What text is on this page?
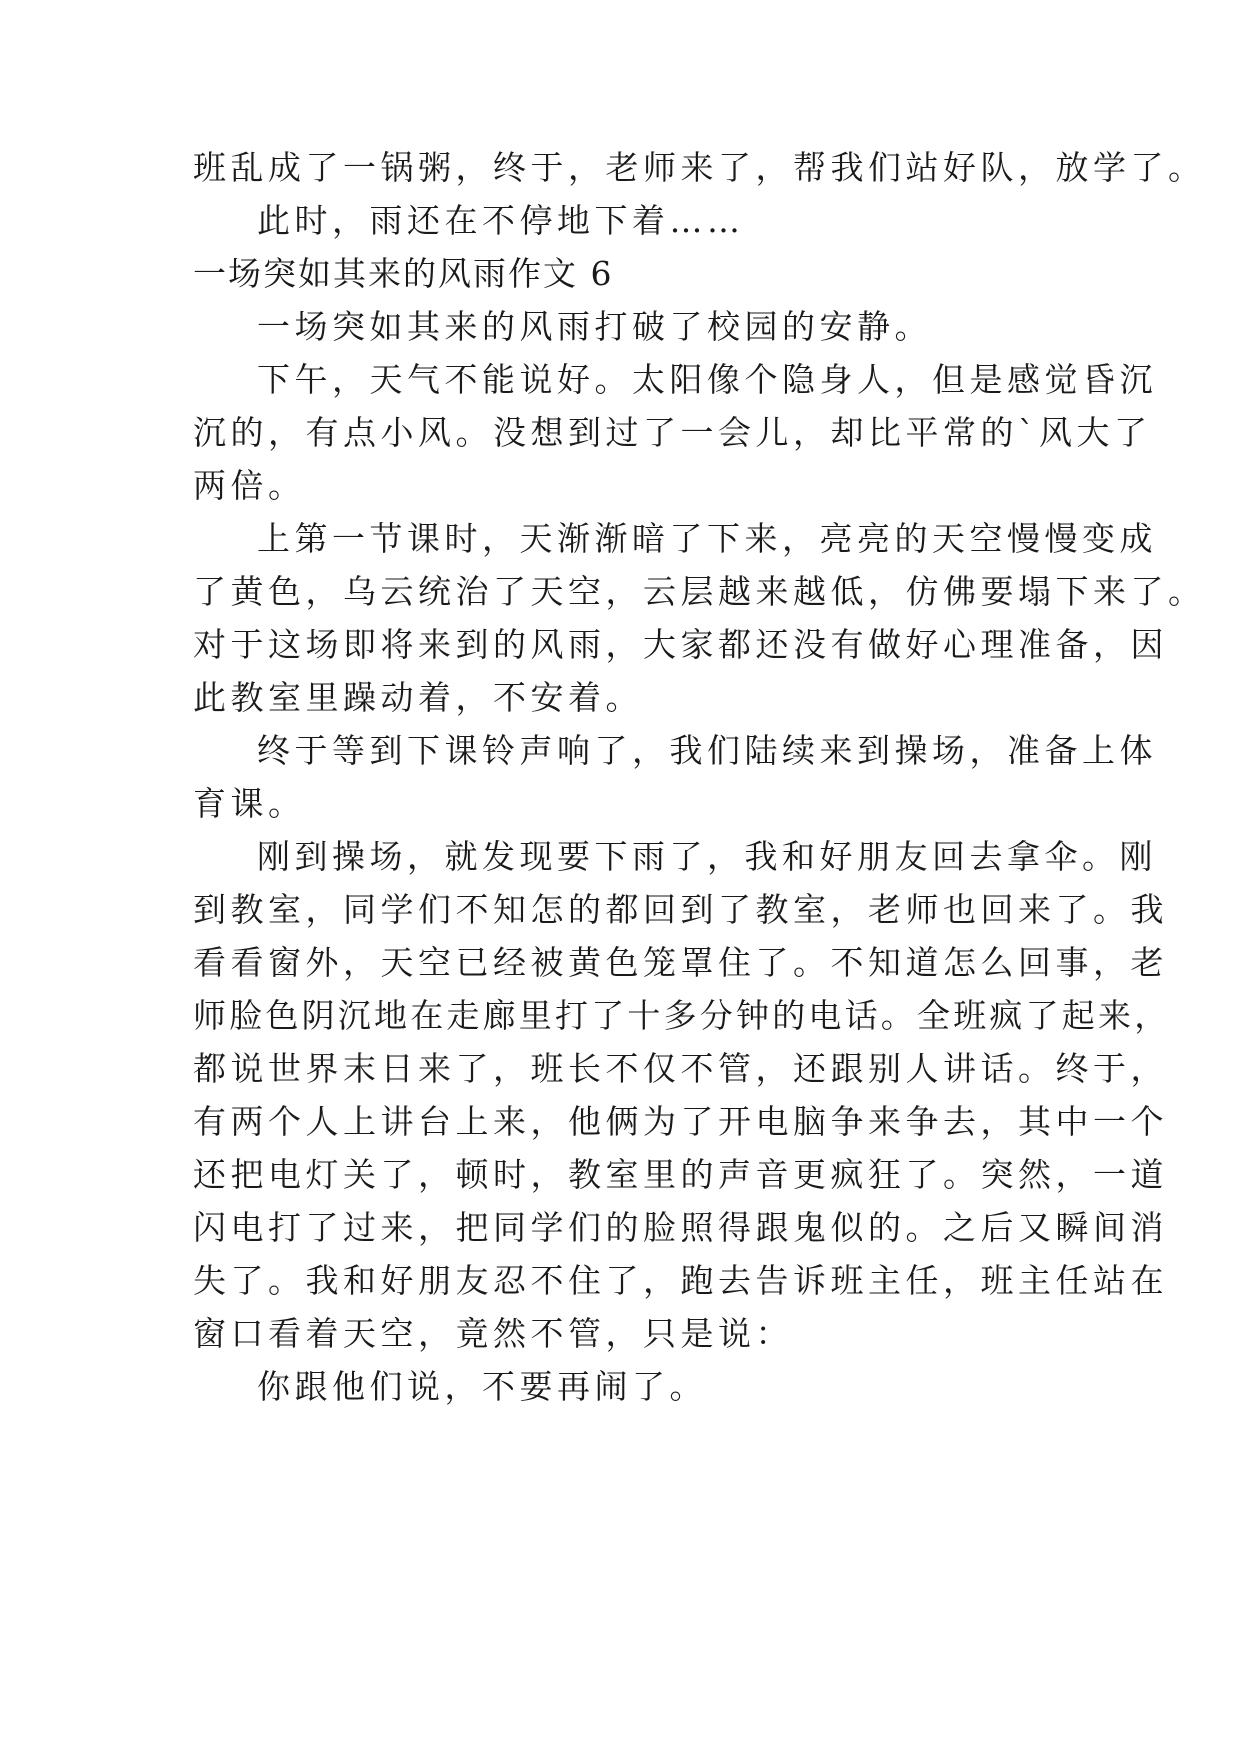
班乱成了一锅粥，终于，老师来了，帮我们站好队，放学了。
此时，雨还在不停地下着……
一场突如其来的风雨作文 6
一场突如其来的风雨打破了校园的安静。
下午，天气不能说好。太阳像个隐身人，但是感觉昏沉
沉的，有点小风。没想到过了一会儿，却比平常的`风大了
两倍。
上第一节课时，天渐渐暗了下来，亮亮的天空慢慢变成
了黄色，乌云统治了天空，云层越来越低，仿佛要塌下来了。
对于这场即将来到的风雨，大家都还没有做好心理准备，因
此教室里躁动着，不安着。
终于等到下课铃声响了，我们陆续来到操场，准备上体
育课。
刚到操场，就发现要下雨了，我和好朋友回去拿伞。刚
到教室，同学们不知怎的都回到了教室，老师也回来了。我
看看窗外，天空已经被黄色笼罩住了。不知道怎么回事，老
师脸色阴沉地在走廊里打了十多分钟的电话。全班疯了起来，
都说世界末日来了，班长不仅不管，还跟别人讲话。终于，
有两个人上讲台上来，他俩为了开电脑争来争去，其中一个
还把电灯关了，顿时，教室里的声音更疯狂了。突然，一道
闪电打了过来，把同学们的脸照得跟鬼似的。之后又瞬间消
失了。我和好朋友忍不住了，跑去告诉班主任，班主任站在
窗口看着天空，竟然不管，只是说：
你跟他们说，不要再闹了。
